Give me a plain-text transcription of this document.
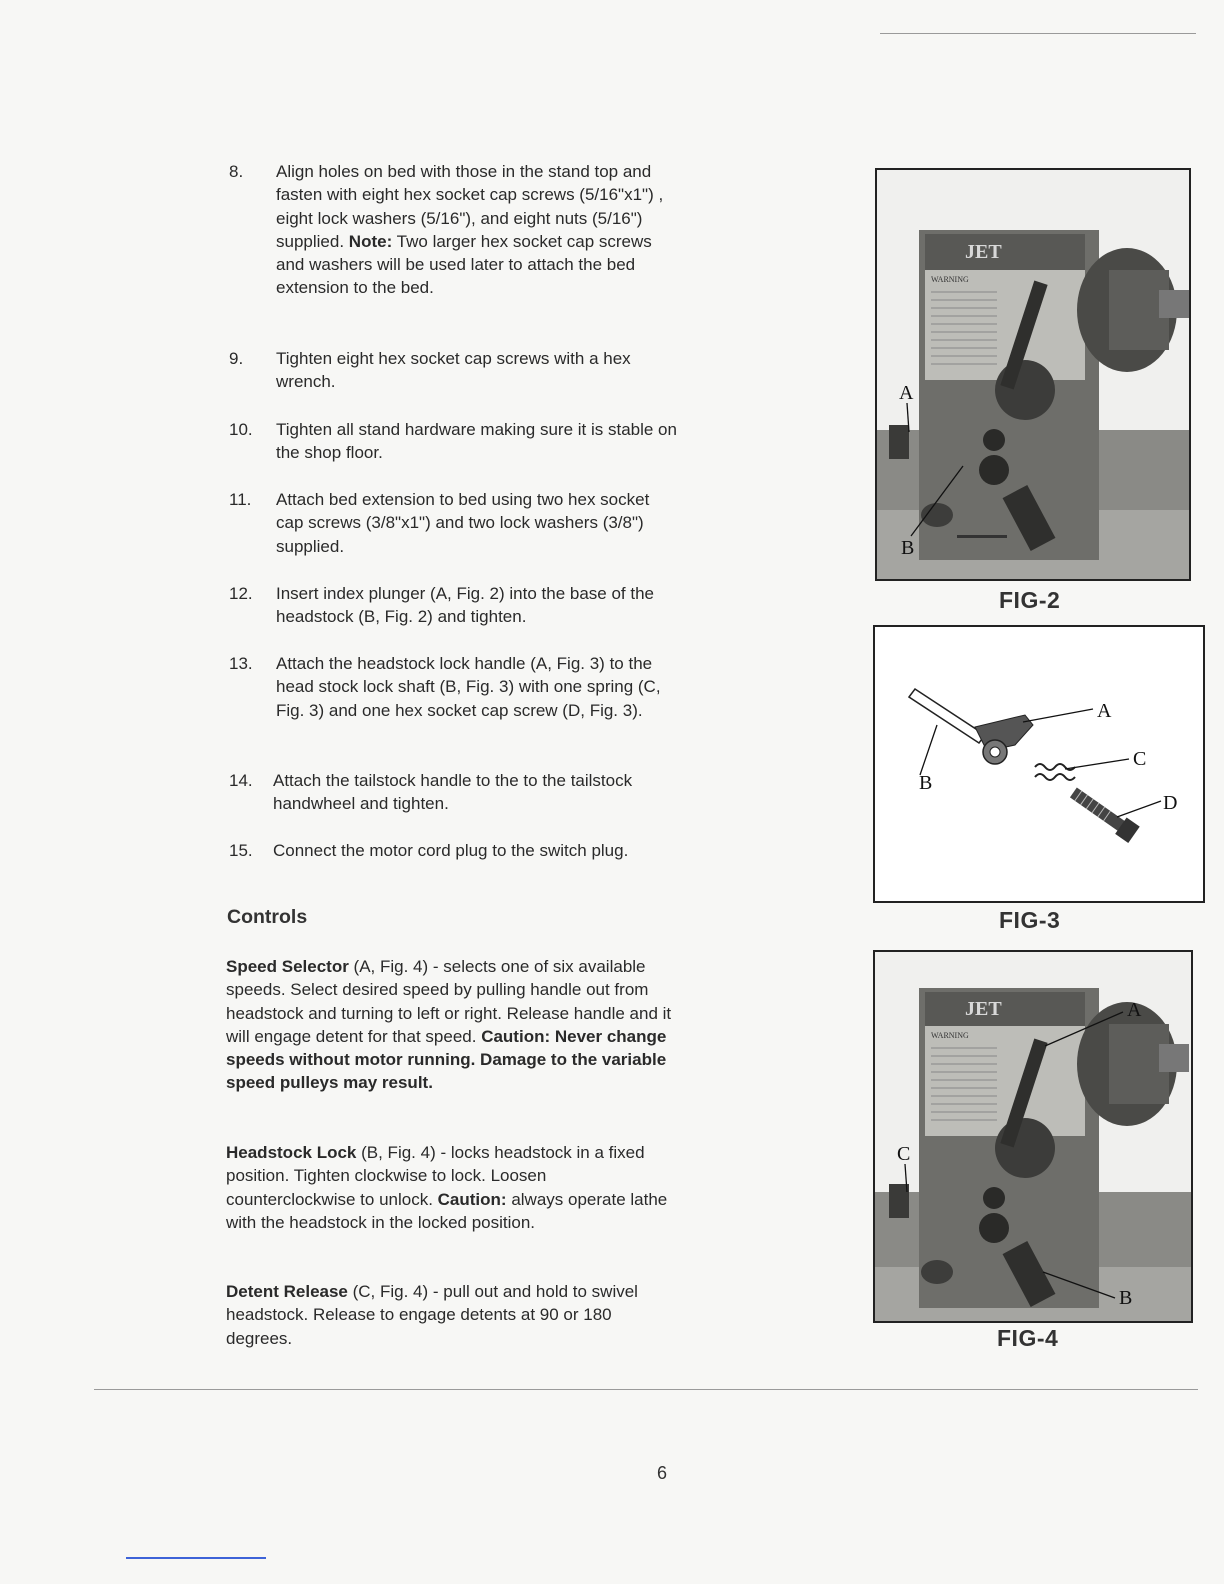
8. Align holes on bed with those in the stand top and fasten with eight hex socket cap screws (5/16"x1") , eight lock washers (5/16"), and eight nuts (5/16") supplied. Note: Two larger hex socket cap screws and washers will be used later to attach the bed extension to the bed.
9. Tighten eight hex socket cap screws with a hex wrench.
10. Tighten all stand hardware making sure it is stable on the shop floor.
11. Attach bed extension to bed using two hex socket cap screws (3/8"x1") and two lock washers (3/8") supplied.
12. Insert index plunger (A, Fig. 2) into the base of the headstock (B, Fig. 2) and tighten.
13. Attach the headstock lock handle (A, Fig. 3) to the head stock lock shaft (B, Fig. 3) with one spring (C, Fig. 3) and one hex socket cap screw (D, Fig. 3).
14. Attach the tailstock handle to the to the tailstock handwheel and tighten.
15. Connect the motor cord plug to the switch plug.
Controls
Speed Selector (A, Fig. 4) - selects one of six available speeds. Select desired speed by pulling handle out from headstock and turning to left or right. Release handle and it will engage detent for that speed. Caution: Never change speeds without motor running. Damage to the variable speed pulleys may result.
Headstock Lock (B, Fig. 4) - locks headstock in a fixed position. Tighten clockwise to lock. Loosen counterclockwise to unlock. Caution: always operate lathe with the headstock in the locked position.
Detent Release (C, Fig. 4) - pull out and hold to swivel headstock. Release to engage detents at 90 or 180 degrees.
JET
WARNING
A
B
FIG-2
A
B
C
D
FIG-3
JET
WARNING
A
B
C
FIG-4
6
